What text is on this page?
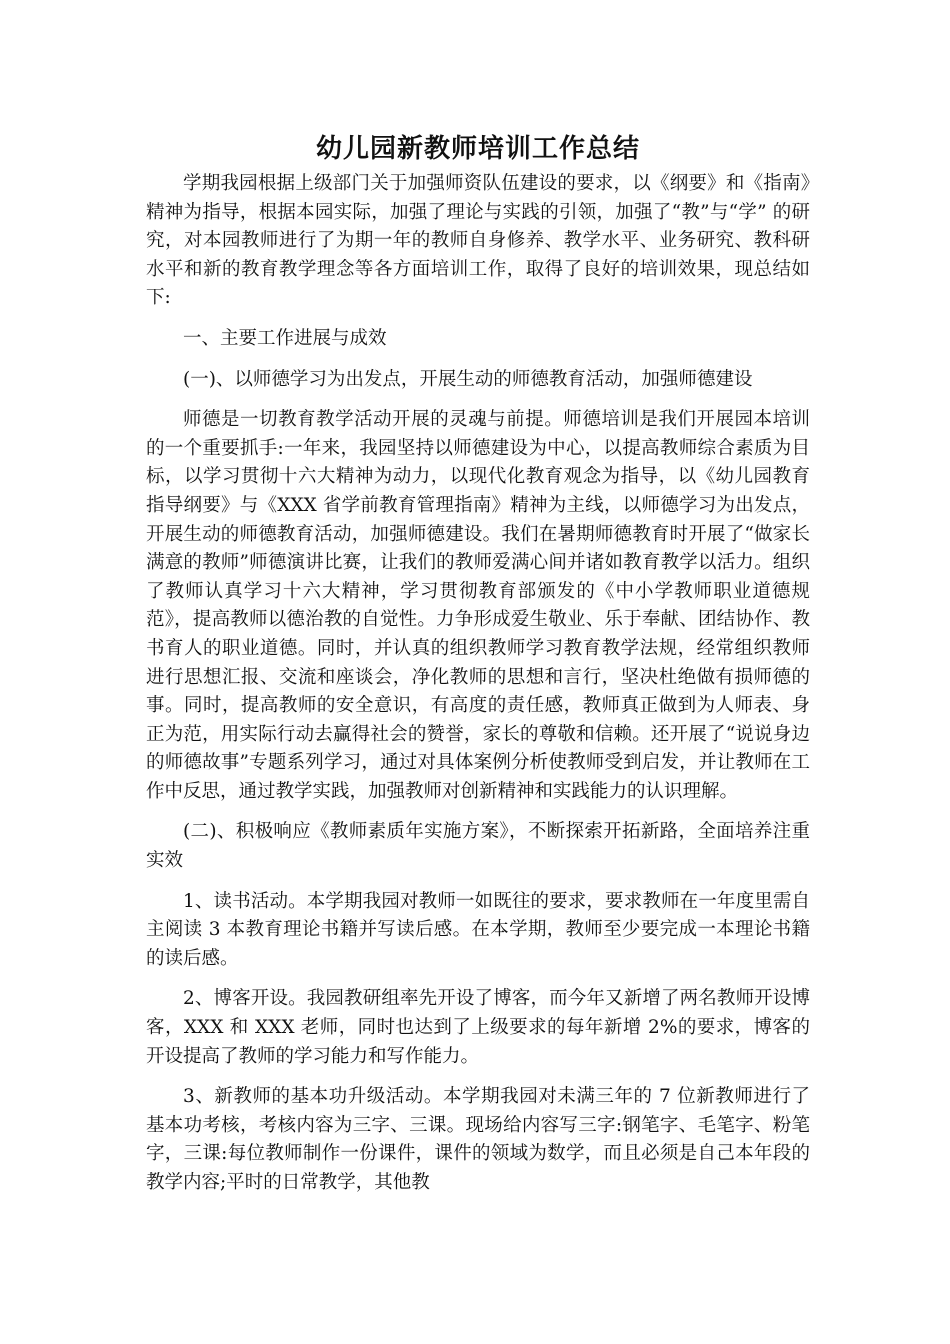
幼儿园新教师培训工作总结

学期我园根据上级部门关于加强师资队伍建设的要求，以《纲要》和《指南》精神为指导，根据本园实际，加强了理论与实践的引领，加强了“教”与“学” 的研究，对本园教师进行了为期一年的教师自身修养、教学水平、业务研究、教科研水平和新的教育教学理念等各方面培训工作，取得了良好的培训效果，现总结如下:

一、主要工作进展与成效

(一)、以师德学习为出发点，开展生动的师德教育活动，加强师德建设

师德是一切教育教学活动开展的灵魂与前提。师德培训是我们开展园本培训的一个重要抓手:一年来，我园坚持以师德建设为中心，以提高教师综合素质为目标，以学习贯彻十六大精神为动力，以现代化教育观念为指导，以《幼儿园教育指导纲要》与《XXX 省学前教育管理指南》精神为主线，以师德学习为出发点，开展生动的师德教育活动，加强师德建设。我们在暑期师德教育时开展了“做家长满意的教师”师德演讲比赛，让我们的教师爱满心间并诸如教育教学以活力。组织了教师认真学习十六大精神，学习贯彻教育部颁发的《中小学教师职业道德规范》，提高教师以德治教的自觉性。力争形成爱生敬业、乐于奉献、团结协作、教书育人的职业道德。同时，并认真的组织教师学习教育教学法规，经常组织教师进行思想汇报、交流和座谈会，净化教师的思想和言行，坚决杜绝做有损师德的事。同时，提高教师的安全意识，有高度的责任感，教师真正做到为人师表、身正为范，用实际行动去赢得社会的赞誉，家长的尊敬和信赖。还开展了“说说身边的师德故事”专题系列学习，通过对具体案例分析使教师受到启发，并让教师在工作中反思，通过教学实践，加强教师对创新精神和实践能力的认识理解。

(二)、积极响应《教师素质年实施方案》，不断探索开拓新路，全面培养注重实效

1、读书活动。本学期我园对教师一如既往的要求，要求教师在一年度里需自主阅读 3 本教育理论书籍并写读后感。在本学期，教师至少要完成一本理论书籍的读后感。

2、博客开设。我园教研组率先开设了博客，而今年又新增了两名教师开设博客，XXX 和 XXX 老师，同时也达到了上级要求的每年新增 2%的要求，博客的开设提高了教师的学习能力和写作能力。

3、新教师的基本功升级活动。本学期我园对未满三年的 7 位新教师进行了基本功考核，考核内容为三字、三课。现场给内容写三字:钢笔字、毛笔字、粉笔字，三课:每位教师制作一份课件，课件的领域为数学，而且必须是自己本年段的教学内容;平时的日常教学，其他教
